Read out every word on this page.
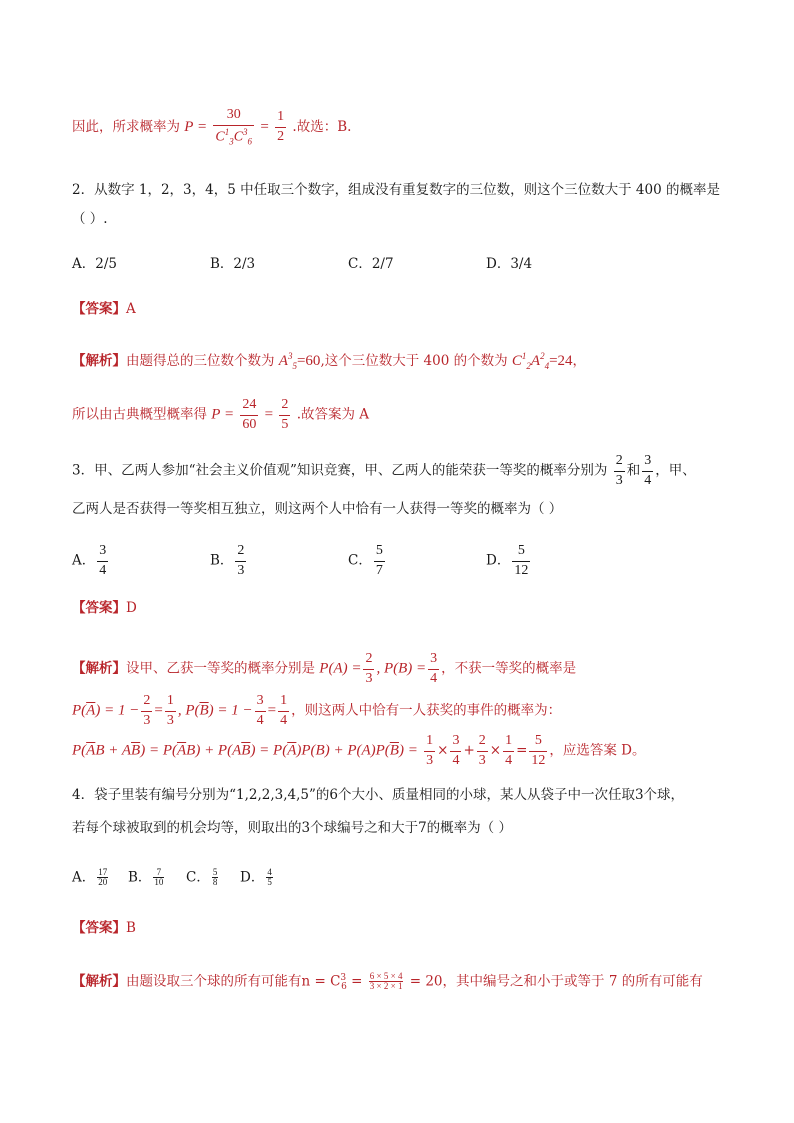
因此，所求概率为 $P = \frac{30}{C^1_3C^3_6} = \frac{1}{2}$ .故选：B.
2．从数字 1，2，3，4，5 中任取三个数字，组成没有重复数字的三位数，则这个三位数大于 400 的概率是
（ ）.
A．2/5	B．2/3	C．2/7	D．3/4
【答案】A
【解析】由题得总的三位数个数为 $A^3_5=60$,这个三位数大于 400 的个数为 $C^1_2A^2_4=24$，
所以由古典概型概率得 $P = \frac{24}{60} = \frac{2}{5}$ .故答案为 A
3．甲、乙两人参加“社会主义价值观”知识竞赛，甲、乙两人的能荣获一等奖的概率分别为 $\frac{2}{3}$ 和 $\frac{3}{4}$ ，甲、
乙两人是否获得一等奖相互独立，则这两个人中恰有一人获得一等奖的概率为（ ）
A． $\frac{3}{4}$	B． $\frac{2}{3}$	C． $\frac{5}{7}$	D． $\frac{5}{12}$
【答案】D
【解析】设甲、乙获一等奖的概率分别是 $P(A) = \frac{2}{3}$ , $P(B) = \frac{3}{4}$ ，不获一等奖的概率是
$P(\overline{A}) = 1 - \frac{2}{3} = \frac{1}{3}$ , $P(\overline{B}) = 1 - \frac{3}{4} = \frac{1}{4}$ ，则这两人中恰有一人获奖的事件的概率为：
$P(\overline{A}B + A\overline{B}) = P(\overline{A}B) + P(A\overline{B}) = P(\overline{A})P(B) + P(A)P(\overline{B}) = \frac{1}{3} \times \frac{3}{4} + \frac{2}{3} \times \frac{1}{4} = \frac{5}{12}$ ，应选答案 D。
4．袋子里装有编号分别为“1,2,2,3,4,5”的6个大小、质量相同的小球，某人从袋子中一次任取3个球，
若每个球被取到的机会均等，则取出的3个球编号之和大于7的概率为（ ）
A． $\frac{17}{20}$ B． $\frac{7}{10}$ C． $\frac{5}{8}$ D． $\frac{4}{5}$
【答案】B
【解析】由题设取三个球的所有可能有$n = C^3_6 = \frac{6 \times 5 \times 4}{3 \times 2 \times 1} = 20$，其中编号之和小于或等于 7 的所有可能有
